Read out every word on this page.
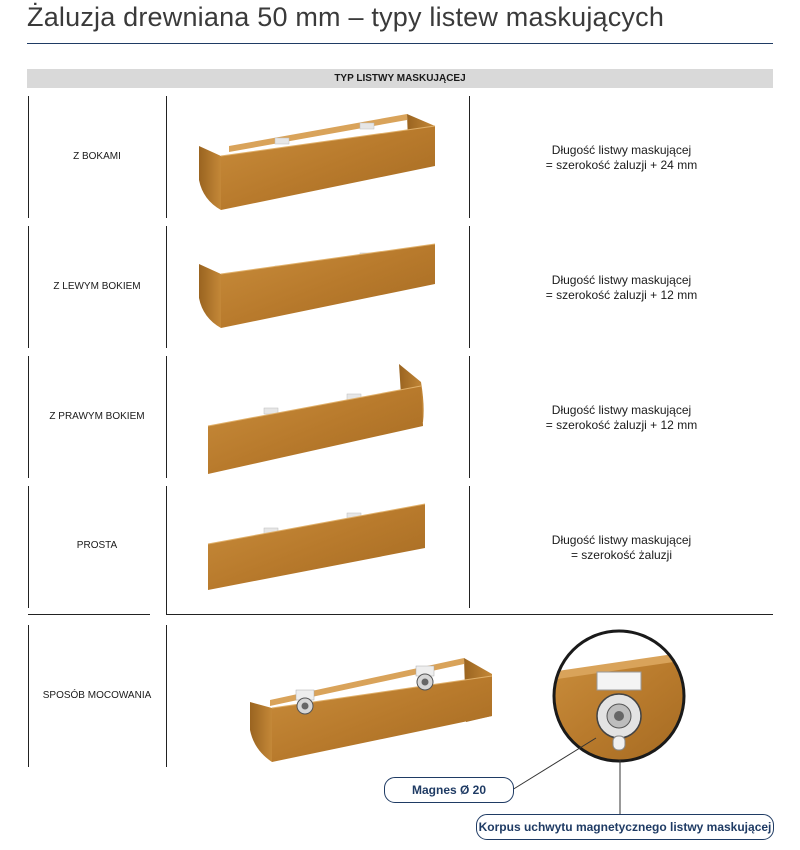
Żaluzja drewniana 50 mm – typy listew maskujących
TYP LISTWY MASKUJĄCEJ
Z BOKAMI
Z LEWYM BOKIEM
Z PRAWYM BOKIEM
PROSTA
SPOSÓB MOCOWANIA
Długość listwy maskującej
= szerokość żaluzji + 24 mm
Długość listwy maskującej
= szerokość żaluzji + 12 mm
Długość listwy maskującej
= szerokość żaluzji + 12 mm
Długość listwy maskującej
= szerokość żaluzji
Magnes Ø 20
Korpus uchwytu magnetycznego listwy maskującej
